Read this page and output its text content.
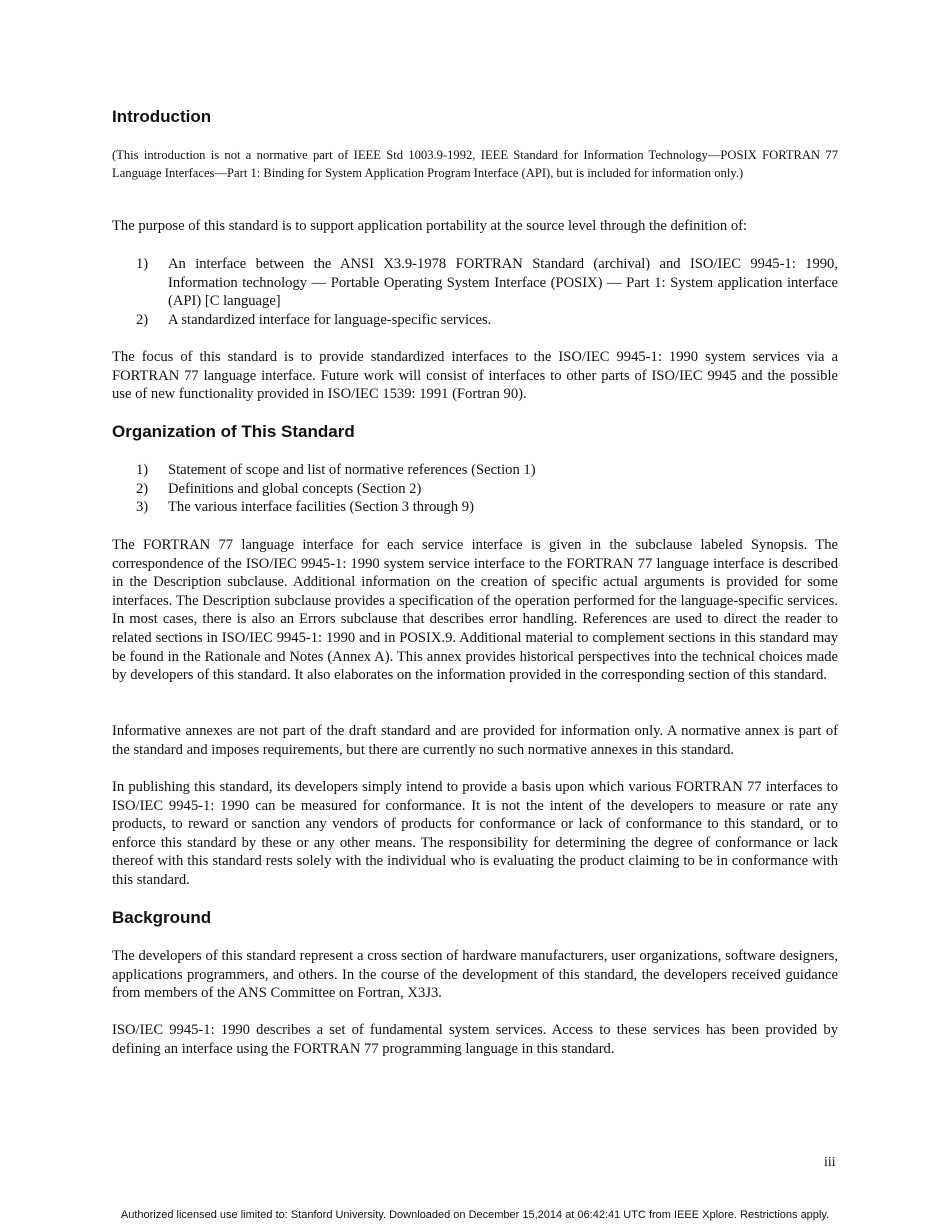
Introduction

(This introduction is not a normative part of IEEE Std 1003.9-1992, IEEE Standard for Information Technology—POSIX FORTRAN 77 Language Interfaces—Part 1: Binding for System Application Program Interface (API), but is included for information only.)

The purpose of this standard is to support application portability at the source level through the definition of:

1)	An interface between the ANSI X3.9-1978 FORTRAN Standard (archival) and ISO/IEC 9945-1: 1990, Information technology — Portable Operating System Interface (POSIX) — Part 1: System application interface (API) [C language]
2)	A standardized interface for language-specific services.

The focus of this standard is to provide standardized interfaces to the ISO/IEC 9945-1: 1990 system services via a FORTRAN 77 language interface. Future work will consist of interfaces to other parts of ISO/IEC 9945 and the possible use of new functionality provided in ISO/IEC 1539: 1991 (Fortran 90).

Organization of This Standard
1)	Statement of scope and list of normative references (Section 1)
2)	Definitions and global concepts (Section 2)
3)	The various interface facilities (Section 3 through 9)

The FORTRAN 77 language interface for each service interface is given in the subclause labeled Synopsis. The correspondence of the ISO/IEC 9945-1: 1990 system service interface to the FORTRAN 77 language interface is described in the Description subclause. Additional information on the creation of specific actual arguments is provided for some interfaces. The Description subclause provides a specification of the operation performed for the language-specific services. In most cases, there is also an Errors subclause that describes error handling. References are used to direct the reader to related sections in ISO/IEC 9945-1: 1990 and in POSIX.9. Additional material to complement sections in this standard may be found in the Rationale and Notes (Annex A). This annex provides historical perspectives into the technical choices made by developers of this standard. It also elaborates on the information provided in the corresponding section of this standard.

Informative annexes are not part of the draft standard and are provided for information only. A normative annex is part of the standard and imposes requirements, but there are currently no such normative annexes in this standard.

In publishing this standard, its developers simply intend to provide a basis upon which various FORTRAN 77 interfaces to ISO/IEC 9945-1: 1990 can be measured for conformance. It is not the intent of the developers to measure or rate any products, to reward or sanction any vendors of products for conformance or lack of conformance to this standard, or to enforce this standard by these or any other means. The responsibility for determining the degree of conformance or lack thereof with this standard rests solely with the individual who is evaluating the product claiming to be in conformance with this standard.

Background

The developers of this standard represent a cross section of hardware manufacturers, user organizations, software designers, applications programmers, and others. In the course of the development of this standard, the developers received guidance from members of the ANS Committee on Fortran, X3J3.

ISO/IEC 9945-1: 1990 describes a set of fundamental system services. Access to these services has been provided by defining an interface using the FORTRAN 77 programming language in this standard.

iii
Authorized licensed use limited to: Stanford University. Downloaded on December 15,2014 at 06:42:41 UTC from IEEE Xplore. Restrictions apply.
